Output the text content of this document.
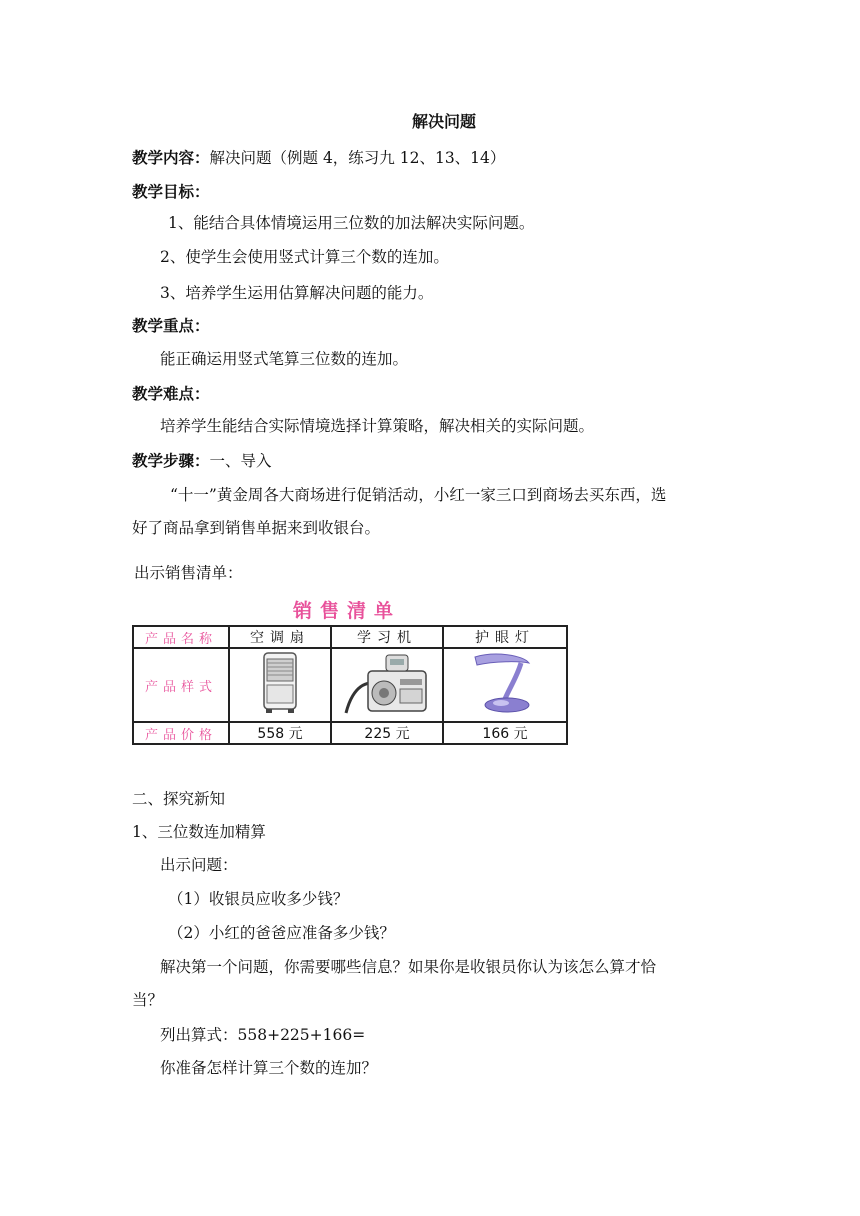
解决问题
教学内容：解决问题（例题 4，练习九 12、13、14）
教学目标：
1、能结合具体情境运用三位数的加法解决实际问题。
2、使学生会使用竖式计算三个数的连加。
3、培养学生运用估算解决问题的能力。
教学重点：
能正确运用竖式笔算三位数的连加。
教学难点：
培养学生能结合实际情境选择计算策略，解决相关的实际问题。
教学步骤：一、导入
“十一”黄金周各大商场进行促销活动，小红一家三口到商场去买东西，选
好了商品拿到销售单据来到收银台。
出示销售清单：
销售清单
产品名称	空调扇	学习机	护眼灯
产品样式			
产品价格	558 元	225 元	166 元
二、探究新知
1、三位数连加精算
出示问题：
（1）收银员应收多少钱？
（2）小红的爸爸应准备多少钱？
解决第一个问题，你需要哪些信息？如果你是收银员你认为该怎么算才恰
当？
列出算式：558+225+166=
你准备怎样计算三个数的连加？
